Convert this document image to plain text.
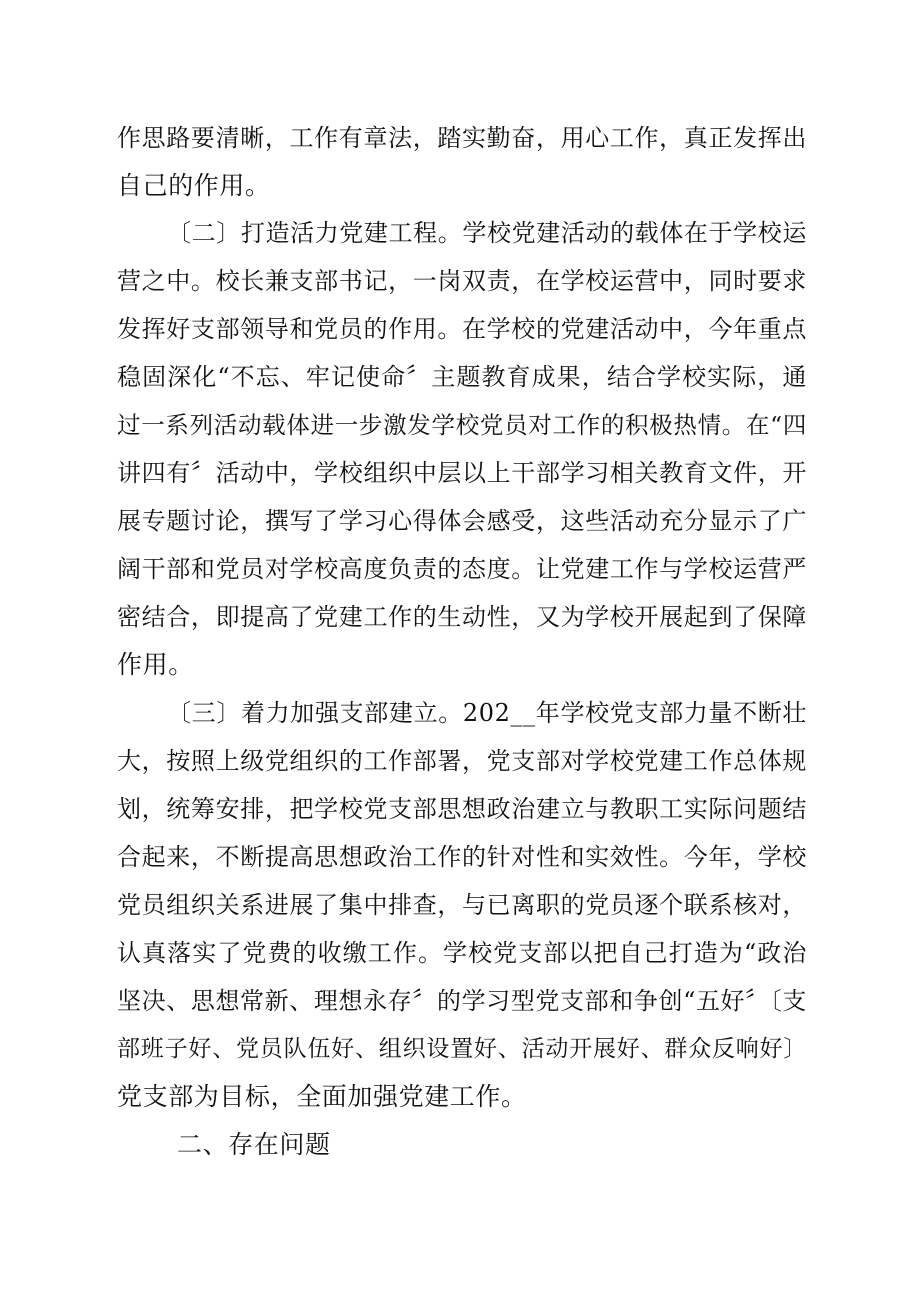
作思路要清晰，工作有章法，踏实勤奋，用心工作，真正发挥出
自己的作用。
〔二〕打造活力党建工程。学校党建活动的载体在于学校运
营之中。校长兼支部书记，一岗双责，在学校运营中，同时要求
发挥好支部领导和党员的作用。在学校的党建活动中，今年重点
稳固深化“不忘、牢记使命〞主题教育成果，结合学校实际，通
过一系列活动载体进一步激发学校党员对工作的积极热情。在“四
讲四有〞活动中，学校组织中层以上干部学习相关教育文件，开
展专题讨论，撰写了学习心得体会感受，这些活动充分显示了广
阔干部和党员对学校高度负责的态度。让党建工作与学校运营严
密结合，即提高了党建工作的生动性，又为学校开展起到了保障
作用。
〔三〕着力加强支部建立。202__年学校党支部力量不断壮
大，按照上级党组织的工作部署，党支部对学校党建工作总体规
划，统筹安排，把学校党支部思想政治建立与教职工实际问题结
合起来，不断提高思想政治工作的针对性和实效性。今年，学校
党员组织关系进展了集中排查，与已离职的党员逐个联系核对，
认真落实了党费的收缴工作。学校党支部以把自己打造为“政治
坚决、思想常新、理想永存〞的学习型党支部和争创“五好〞〔支
部班子好、党员队伍好、组织设置好、活动开展好、群众反响好〕
党支部为目标，全面加强党建工作。
二、存在问题
